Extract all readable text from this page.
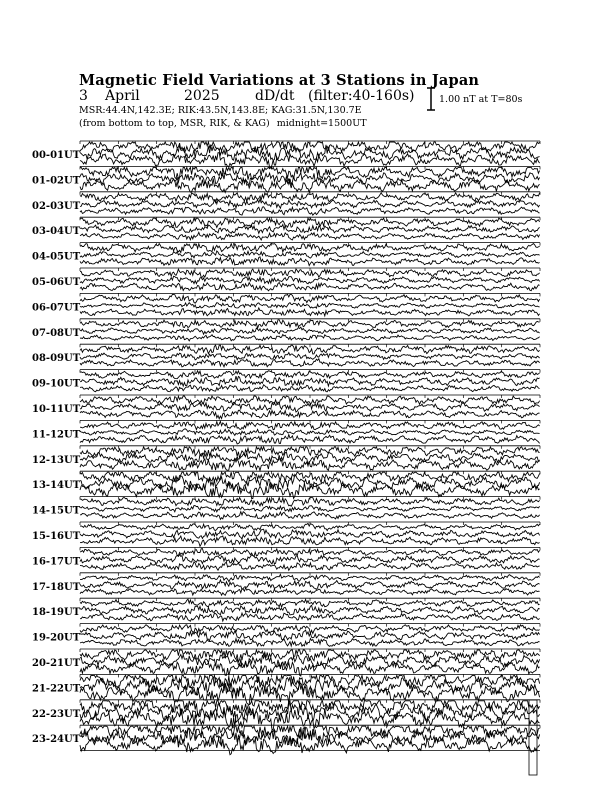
Magnetic Field Variations at 3 Stations in Japan
3 April	2025	dD/dt (filter:40-160s)
MSR:44.4N,142.3E; RIK:43.5N,143.8E; KAG:31.5N,130.7E
(from bottom to top, MSR, RIK, & KAG) midnight=1500UT
1.00 nT at T=80s
00-01UT
01-02UT
02-03UT
03-04UT
04-05UT
05-06UT
06-07UT
07-08UT
08-09UT
09-10UT
10-11UT
11-12UT
12-13UT
13-14UT
14-15UT
15-16UT
16-17UT
17-18UT
18-19UT
19-20UT
20-21UT
21-22UT
22-23UT
23-24UT
